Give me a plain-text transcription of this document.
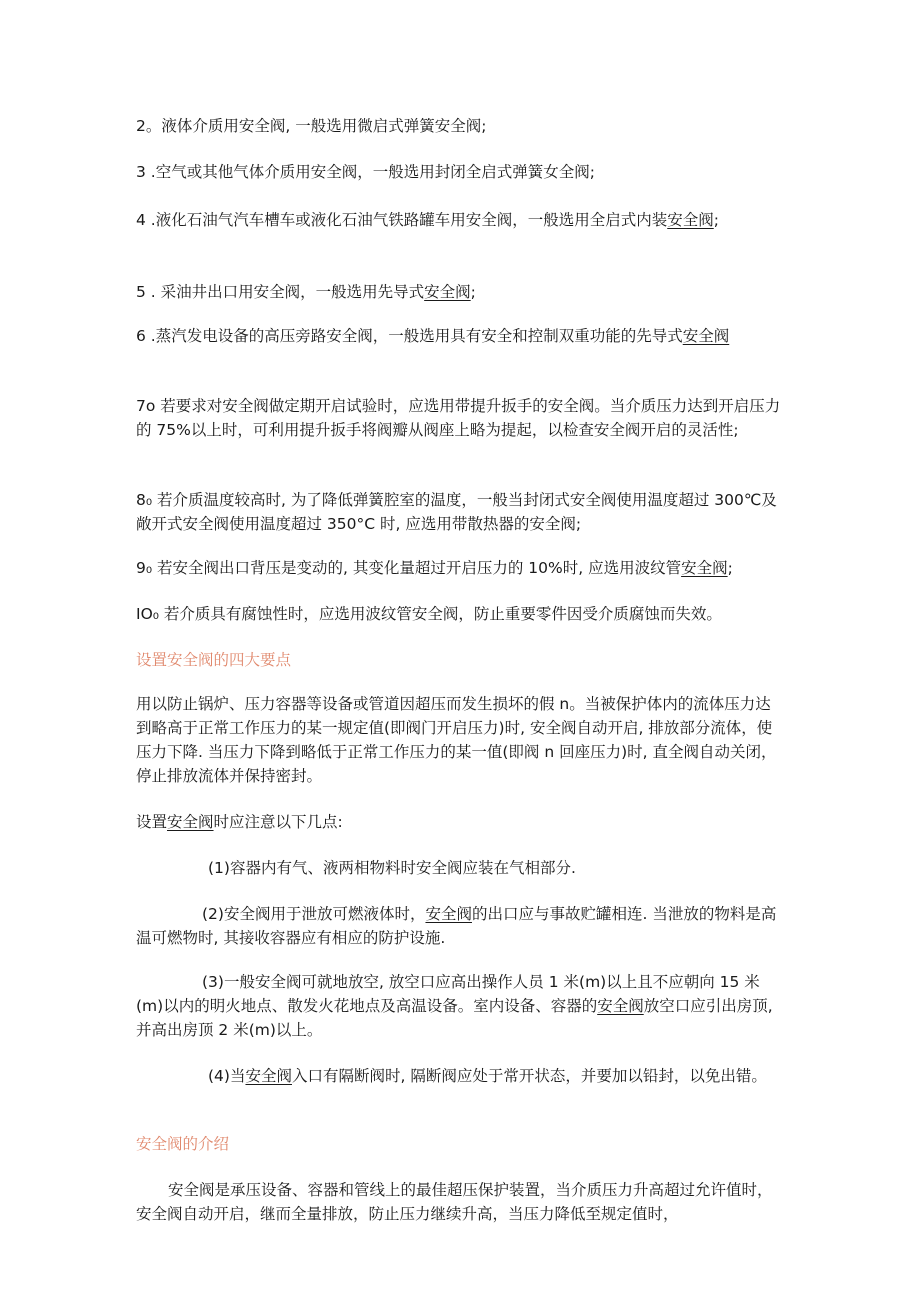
2。液体介质用安全阀, 一般选用微启式弹簧安全阀;

3 .空气或其他气体介质用安全阀，一般选用封闭全启式弹簧女全阀;

4 .液化石油气汽车槽车或液化石油气铁路罐车用安全阀，一般选用全启式内装安全阀;

5 . 采油井出口用安全阀，一般选用先导式安全阀;

6 .蒸汽发电设备的高压旁路安全阀，一般选用具有安全和控制双重功能的先导式安全阀

7o 若要求对安全阀做定期开启试验时，应选用带提升扳手的安全阀。当介质压力达到开启压力的 75%以上时，可利用提升扳手将阀瓣从阀座上略为提起，以检查安全阀开启的灵活性;

8₀ 若介质温度较高时, 为了降低弹簧腔室的温度，一般当封闭式安全阀使用温度超过 300℃及敞开式安全阀使用温度超过 350°C 时, 应选用带散热器的安全阀;

9₀ 若安全阀出口背压是变动的, 其变化量超过开启压力的 10%时, 应选用波纹管安全阀;

IO₀ 若介质具有腐蚀性时，应选用波纹管安全阀，防止重要零件因受介质腐蚀而失效。

设置安全阀的四大要点

用以防止锅炉、压力容器等设备或管道因超压而发生损坏的假 n。当被保护体内的流体压力达到略高于正常工作压力的某一规定值(即阀门开启压力)时, 安全阀自动开启, 排放部分流体，使压力下降. 当压力下降到略低于正常工作压力的某一值(即阀 n 回座压力)时, 直全阀自动关闭，停止排放流体并保持密封。

设置安全阀时应注意以下几点:

(1)容器内有气、液两相物料时安全阀应装在气相部分.

(2)安全阀用于泄放可燃液体时，安全阀的出口应与事故贮罐相连. 当泄放的物料是高温可燃物时, 其接收容器应有相应的防护设施.

(3)一般安全阀可就地放空, 放空口应高出操作人员 1 米(m)以上且不应朝向 15 米(m)以内的明火地点、散发火花地点及高温设备。室内设备、容器的安全阀放空口应引出房顶, 并高出房顶 2 米(m)以上。

(4)当安全阀入口有隔断阀时, 隔断阀应处于常开状态，并要加以铅封，以免出错。

安全阀的介绍

安全阀是承压设备、容器和管线上的最佳超压保护装置，当介质压力升高超过允许值时，安全阀自动开启，继而全量排放，防止压力继续升高，当压力降低至规定值时，
